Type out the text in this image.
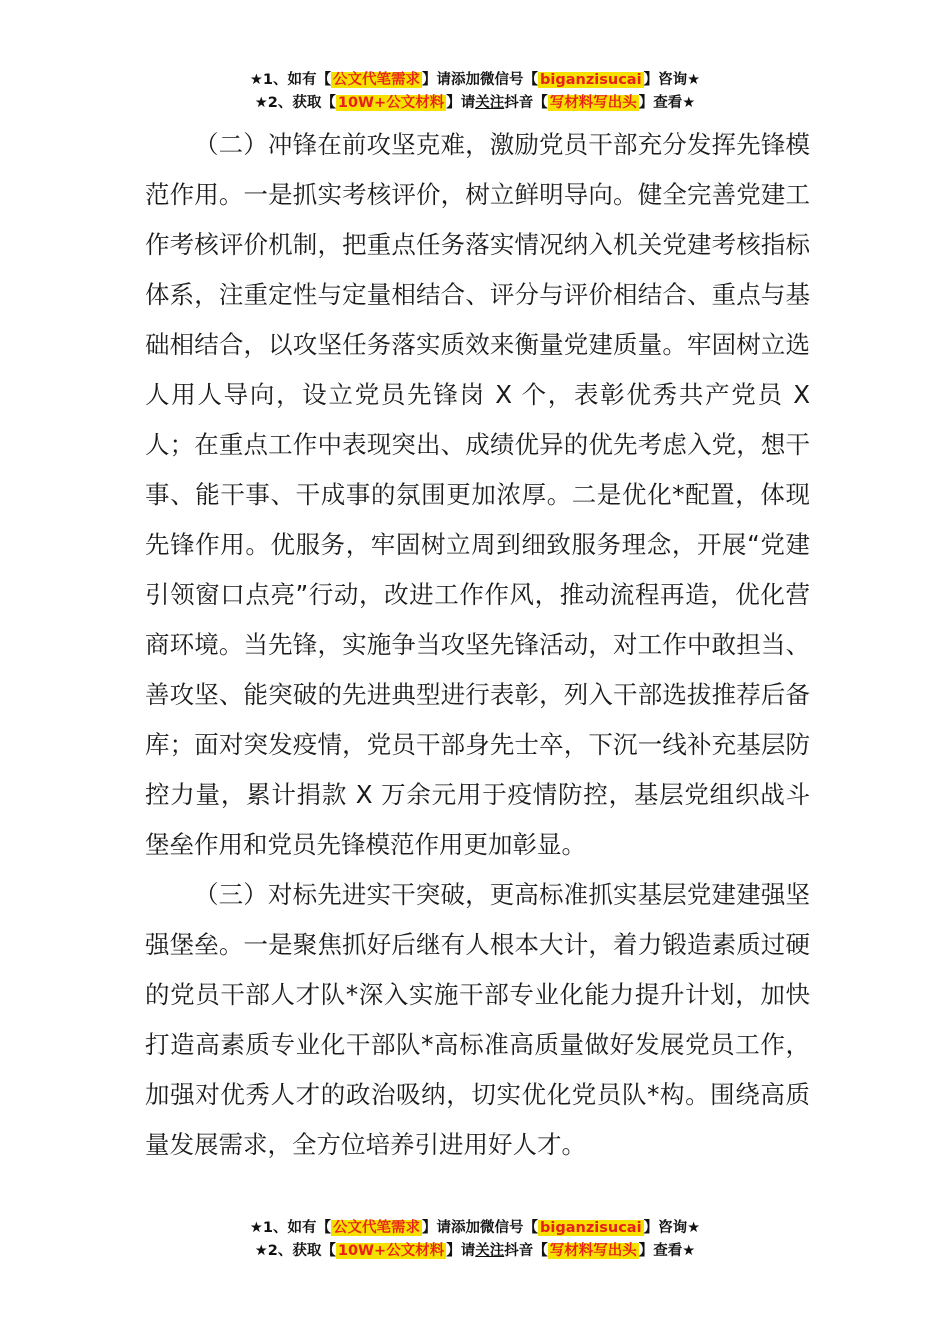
★1、如有【 公文代笔需求 】请添加微信号【 biganzisucai 】咨询★
★2、获取【 10W+公文材料 】请关注抖音【 写材料写出头 】查看★

（二）冲锋在前攻坚克难，激励党员干部充分发挥先锋模范作用。一是抓实考核评价，树立鲜明导向。健全完善党建工作考核评价机制，把重点任务落实情况纳入机关党建考核指标体系，注重定性与定量相结合、评分与评价相结合、重点与基础相结合，以攻坚任务落实质效来衡量党建质量。牢固树立选人用人导向，设立党员先锋岗 X 个，表彰优秀共产党员 X 人；在重点工作中表现突出、成绩优异的优先考虑入党，想干事、能干事、干成事的氛围更加浓厚。二是优化*配置，体现先锋作用。优服务，牢固树立周到细致服务理念，开展“党建引领窗口点亮”行动，改进工作作风，推动流程再造，优化营商环境。当先锋，实施争当攻坚先锋活动，对工作中敢担当、善攻坚、能突破的先进典型进行表彰，列入干部选拔推荐后备库；面对突发疫情，党员干部身先士卒，下沉一线补充基层防控力量，累计捐款 X 万余元用于疫情防控，基层党组织战斗堡垒作用和党员先锋模范作用更加彰显。

（三）对标先进实干突破，更高标准抓实基层党建建强坚强堡垒。一是聚焦抓好后继有人根本大计，着力锻造素质过硬的党员干部人才队*深入实施干部专业化能力提升计划，加快打造高素质专业化干部队*高标准高质量做好发展党员工作，加强对优秀人才的政治吸纳，切实优化党员队*构。围绕高质量发展需求，全方位培养引进用好人才。

★1、如有【 公文代笔需求 】请添加微信号【 biganzisucai 】咨询★
★2、获取【 10W+公文材料 】请关注抖音【 写材料写出头 】查看★
